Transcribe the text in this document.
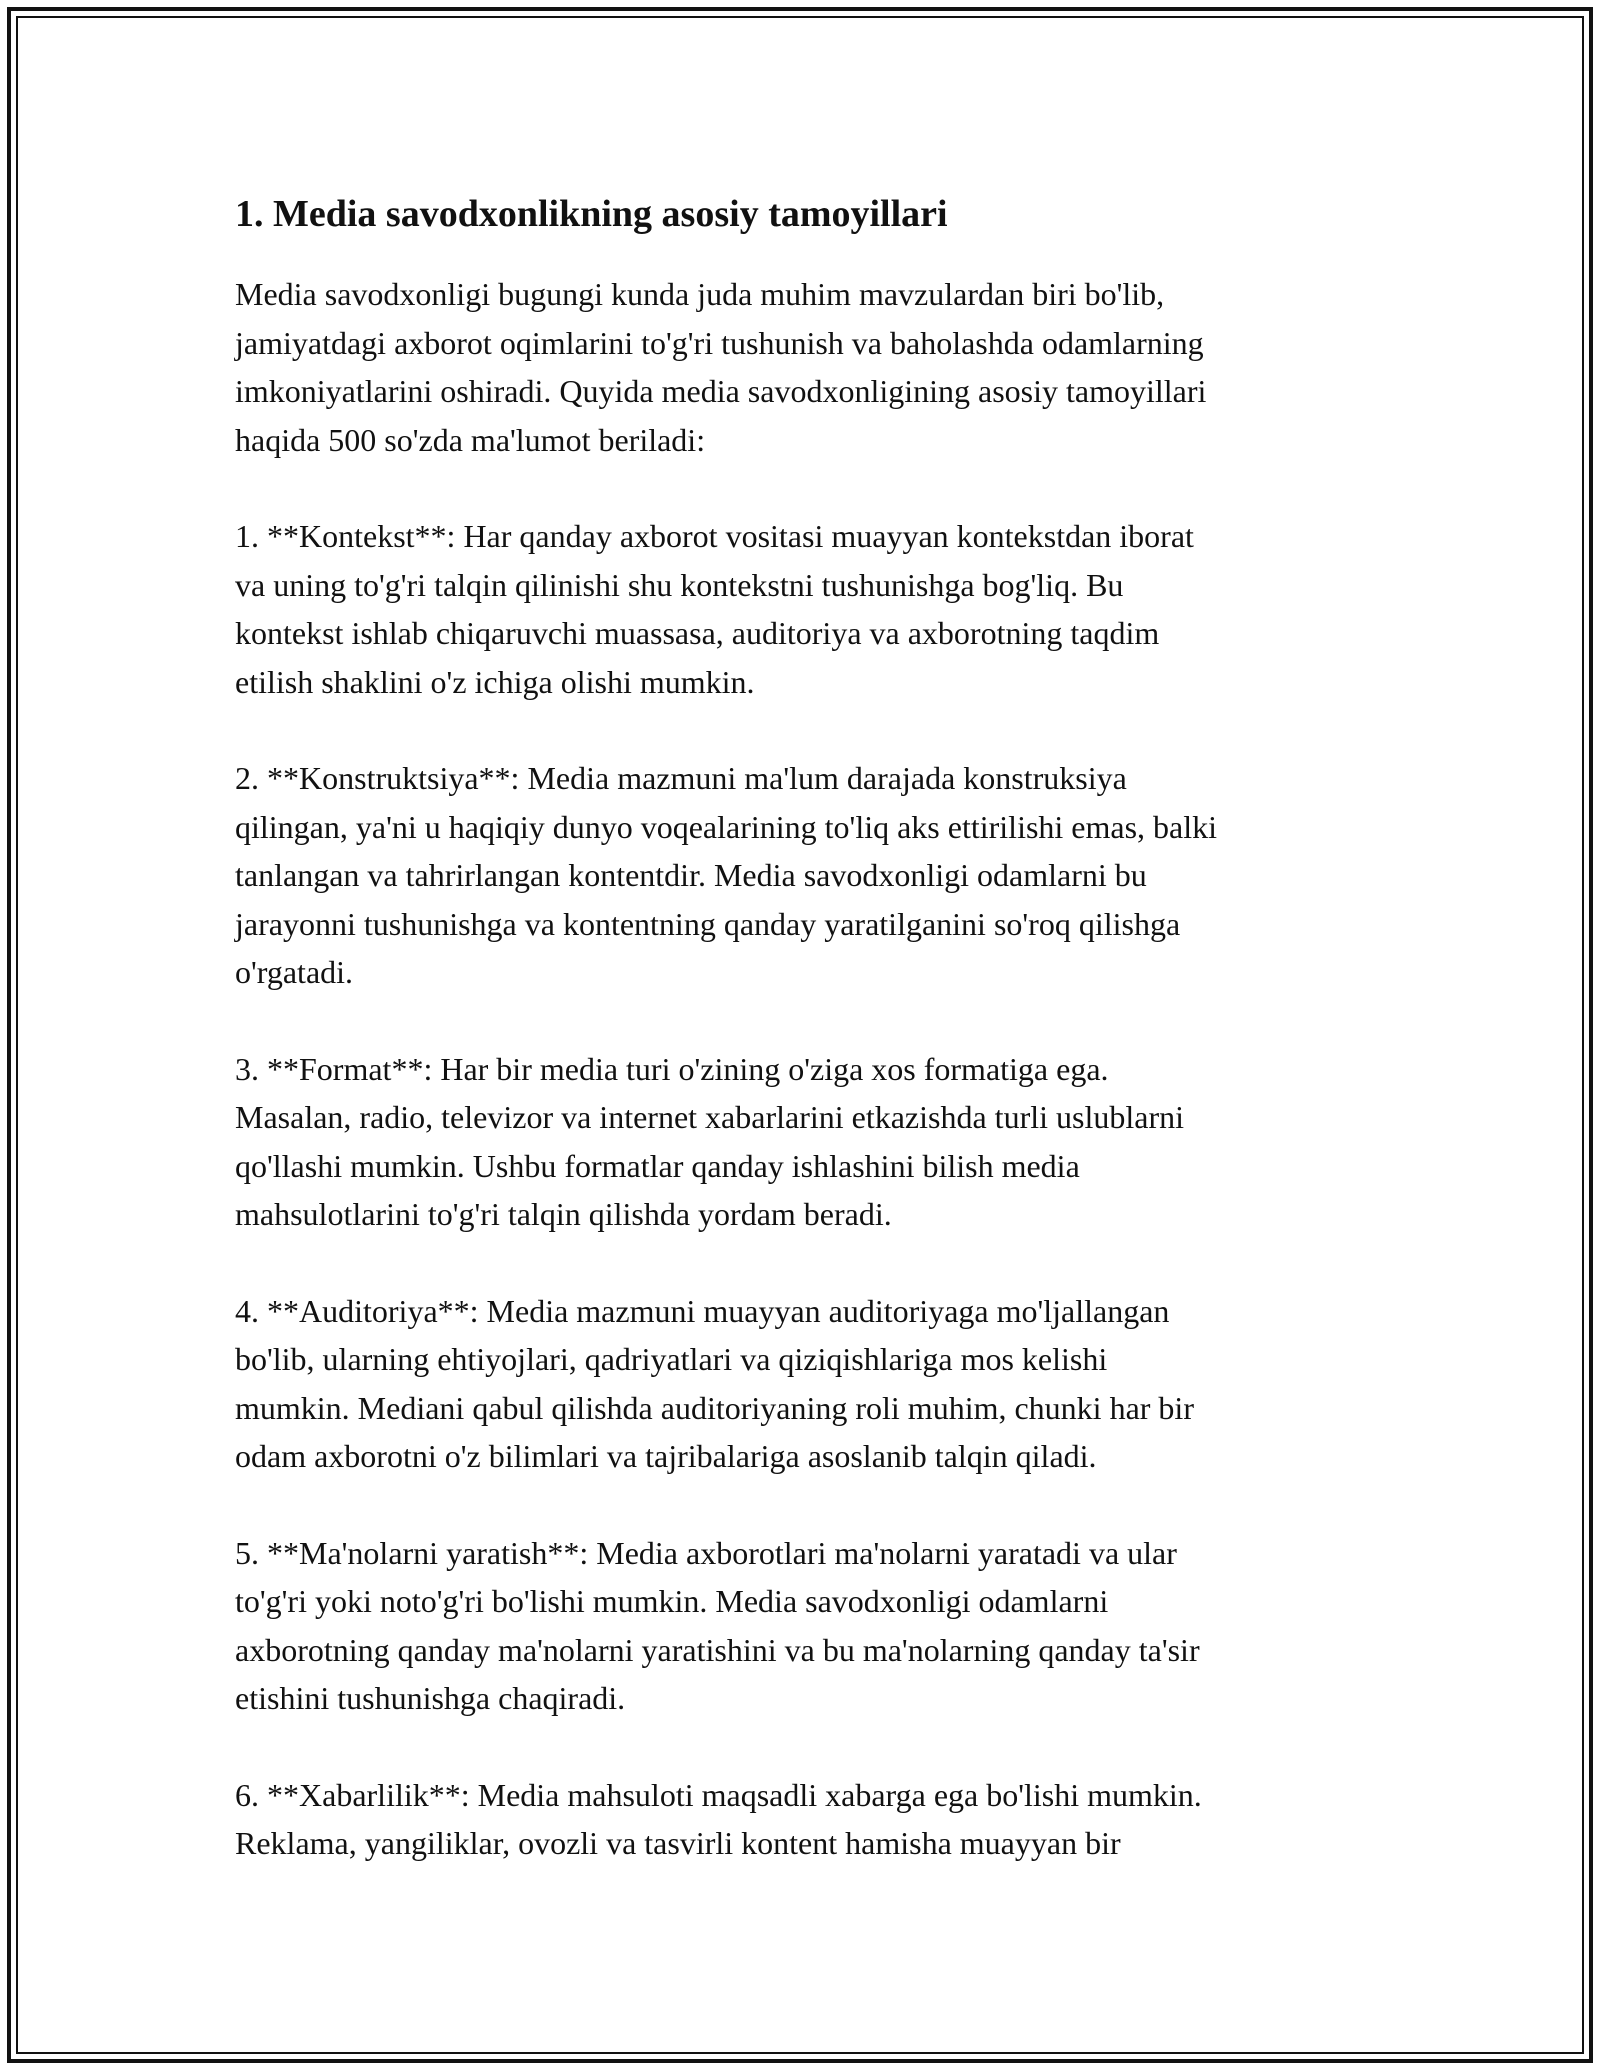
1. Media savodxonlikning asosiy tamoyillari

Media savodxonligi bugungi kunda juda muhim mavzulardan biri bo'lib,
jamiyatdagi axborot oqimlarini to'g'ri tushunish va baholashda odamlarning
imkoniyatlarini oshiradi. Quyida media savodxonligining asosiy tamoyillari
haqida 500 so'zda ma'lumot beriladi:

1. **Kontekst**: Har qanday axborot vositasi muayyan kontekstdan iborat
va uning to'g'ri talqin qilinishi shu kontekstni tushunishga bog'liq. Bu
kontekst ishlab chiqaruvchi muassasa, auditoriya va axborotning taqdim
etilish shaklini o'z ichiga olishi mumkin.

2. **Konstruktsiya**: Media mazmuni ma'lum darajada konstruksiya
qilingan, ya'ni u haqiqiy dunyo voqealarining to'liq aks ettirilishi emas, balki
tanlangan va tahrirlangan kontentdir. Media savodxonligi odamlarni bu
jarayonni tushunishga va kontentning qanday yaratilganini so'roq qilishga
o'rgatadi.

3. **Format**: Har bir media turi o'zining o'ziga xos formatiga ega.
Masalan, radio, televizor va internet xabarlarini etkazishda turli uslublarni
qo'llashi mumkin. Ushbu formatlar qanday ishlashini bilish media
mahsulotlarini to'g'ri talqin qilishda yordam beradi.

4. **Auditoriya**: Media mazmuni muayyan auditoriyaga mo'ljallangan
bo'lib, ularning ehtiyojlari, qadriyatlari va qiziqishlariga mos kelishi
mumkin. Mediani qabul qilishda auditoriyaning roli muhim, chunki har bir
odam axborotni o'z bilimlari va tajribalariga asoslanib talqin qiladi.

5. **Ma'nolarni yaratish**: Media axborotlari ma'nolarni yaratadi va ular
to'g'ri yoki noto'g'ri bo'lishi mumkin. Media savodxonligi odamlarni
axborotning qanday ma'nolarni yaratishini va bu ma'nolarning qanday ta'sir
etishini tushunishga chaqiradi.

6. **Xabarlilik**: Media mahsuloti maqsadli xabarga ega bo'lishi mumkin.
Reklama, yangiliklar, ovozli va tasvirli kontent hamisha muayyan bir
